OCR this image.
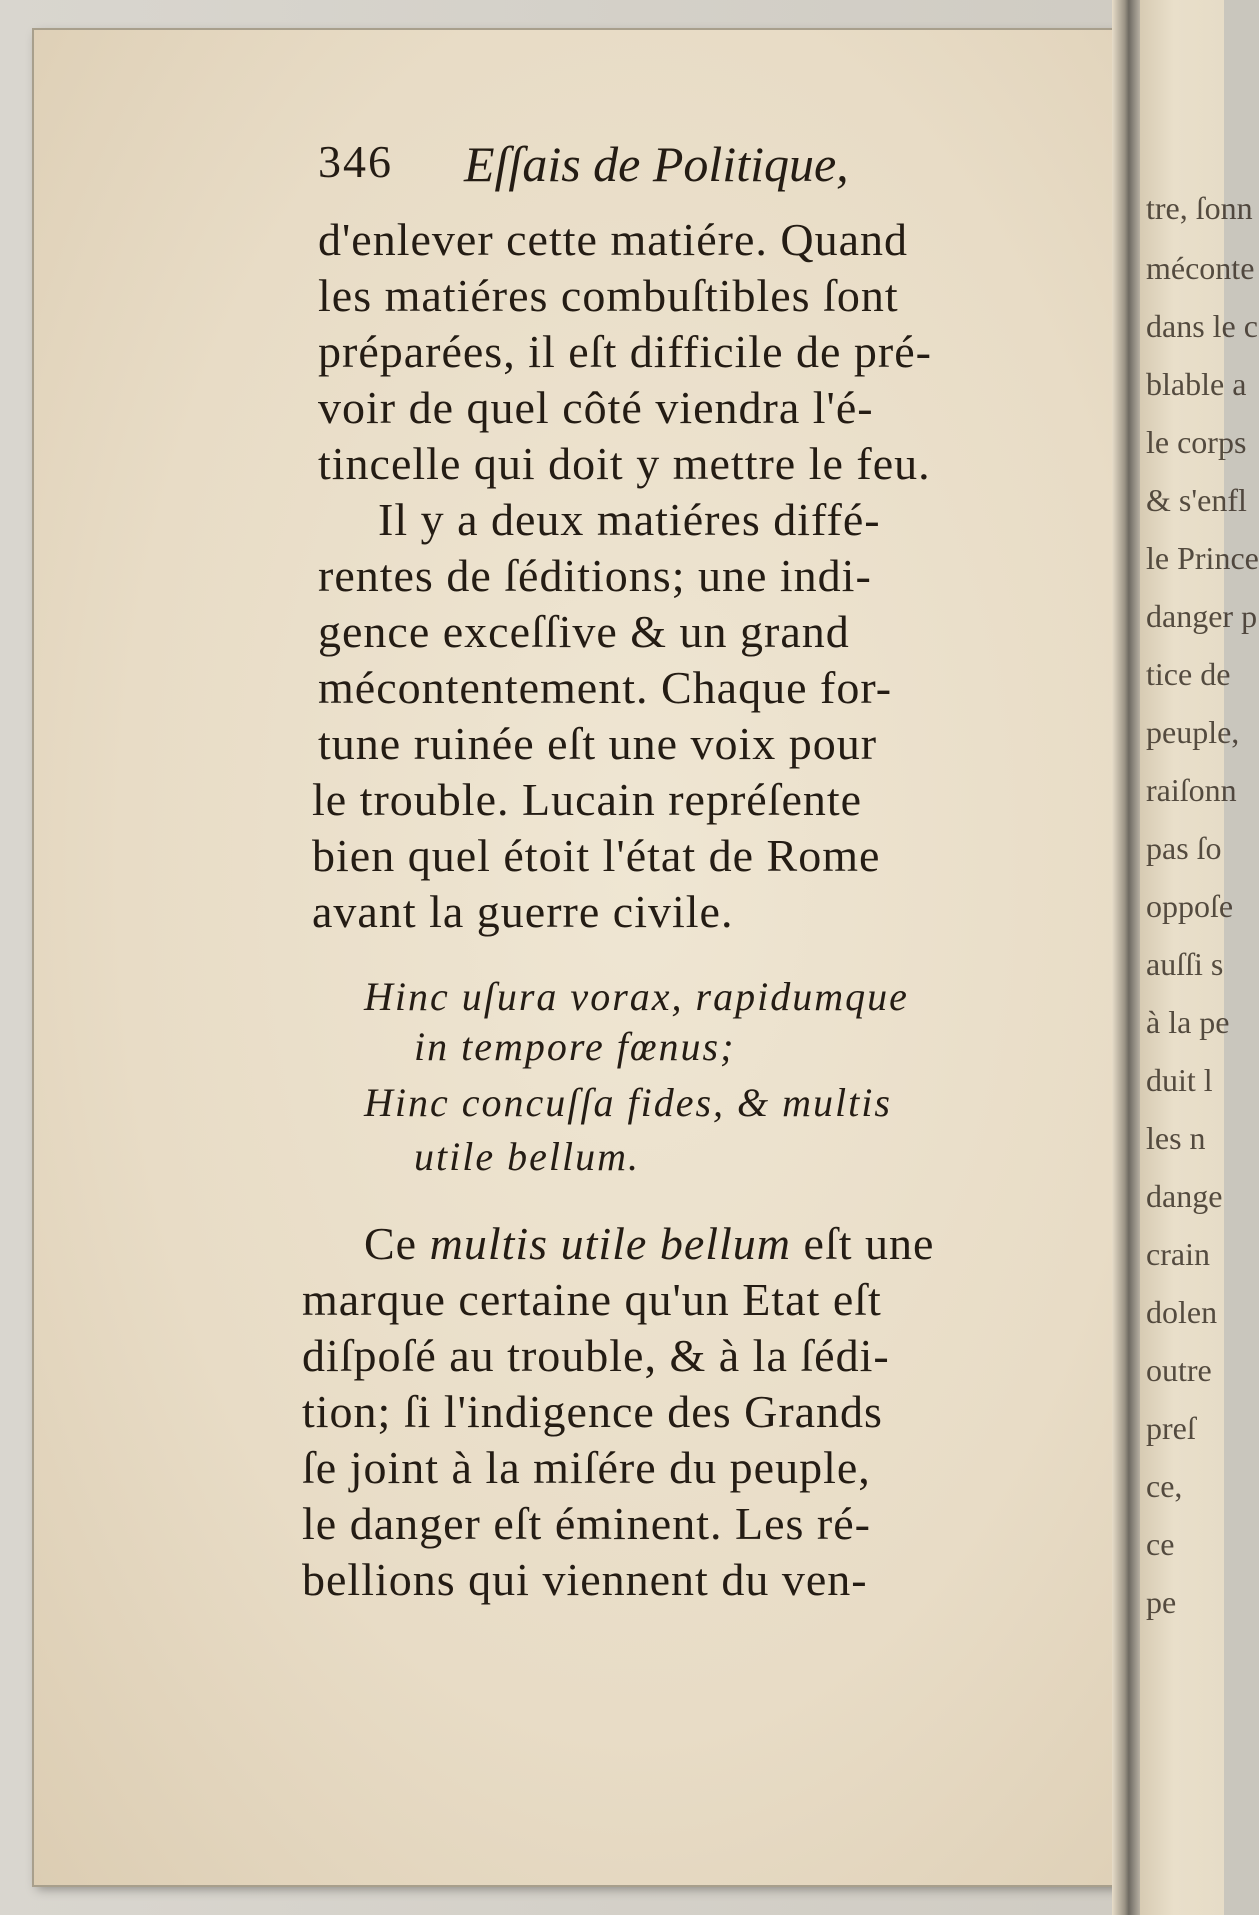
tre, ſonn
méconte
dans le c
blable a
le corps
& s'enfl
le Prince
danger p
tice de
peuple,
raiſonn
pas ſo
oppoſe
auſſi s
à la pe
duit l
les n
dange
crain
dolen
outre
preſ
ce,
ce
pe
346 Eſſais de Politique,
d'enlever cette matiére. Quand
les matiéres combuſtibles ſont
préparées, il eſt difficile de pré-
voir de quel côté viendra l'é-
tincelle qui doit y mettre le feu.
Il y a deux matiéres diffé-
rentes de ſéditions; une indi-
gence exceſſive & un grand
mécontentement. Chaque for-
tune ruinée eſt une voix pour
le trouble. Lucain repréſente
bien quel étoit l'état de Rome
avant la guerre civile.
Hinc uſura vorax, rapidumque
in tempore fœnus;
Hinc concuſſa fides, & multis
utile bellum.
Ce multis utile bellum eſt une
marque certaine qu'un Etat eſt
diſpoſé au trouble, & à la ſédi-
tion; ſi l'indigence des Grands
ſe joint à la miſére du peuple,
le danger eſt éminent. Les ré-
bellions qui viennent du ven-
